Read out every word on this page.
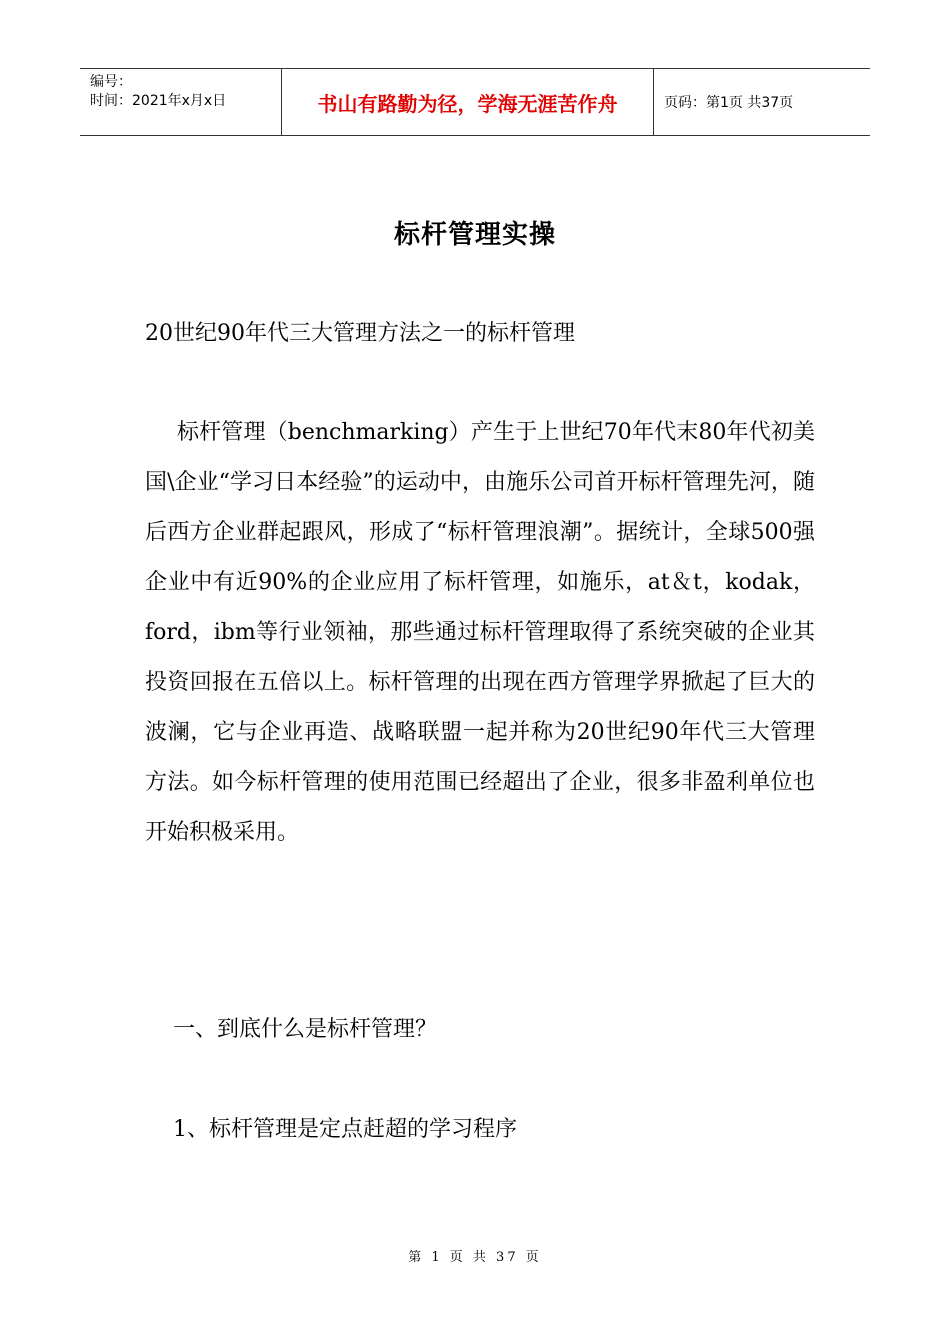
编号：
时间：2021年x月x日	书山有路勤为径，学海无涯苦作舟	页码：第1页 共37页
标杆管理实操
20世纪90年代三大管理方法之一的标杆管理
标杆管理（benchmarking）产生于上世纪70年代末80年代初美国\企业“学习日本经验”的运动中，由施乐公司首开标杆管理先河，随后西方企业群起跟风，形成了“标杆管理浪潮”。据统计，全球500强企业中有近90%的企业应用了标杆管理，如施乐，at＆t，kodak，ford，ibm等行业领袖，那些通过标杆管理取得了系统突破的企业其投资回报在五倍以上。标杆管理的出现在西方管理学界掀起了巨大的波澜，它与企业再造、战略联盟一起并称为20世纪90年代三大管理方法。如今标杆管理的使用范围已经超出了企业，很多非盈利单位也开始积极采用。
一、到底什么是标杆管理？
1、标杆管理是定点赶超的学习程序
第 1 页 共 37 页
